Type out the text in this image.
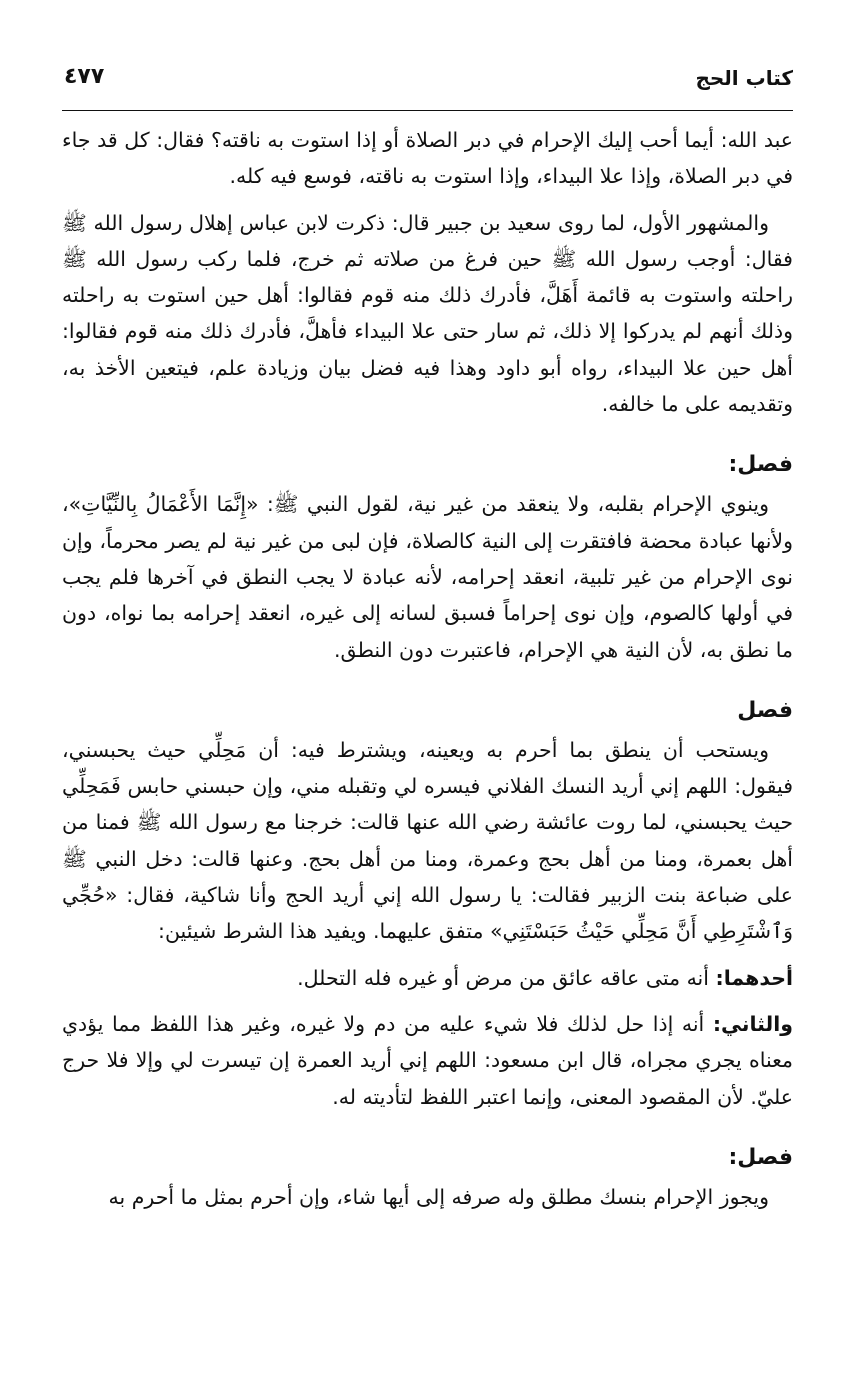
كتاب الحج
٤٧٧

عبد الله: أيما أحب إليك الإحرام في دبر الصلاة أو إذا استوت به ناقته؟ فقال: كل قد جاء في دبر الصلاة، وإذا علا البيداء، وإذا استوت به ناقته، فوسع فيه كله.

والمشهور الأول، لما روى سعيد بن جبير قال: ذكرت لابن عباس إهلال رسول الله ﷺ فقال: أوجب رسول الله ﷺ حين فرغ من صلاته ثم خرج، فلما ركب رسول الله ﷺ راحلته واستوت به قائمة أَهَلَّ، فأدرك ذلك منه قوم فقالوا: أهل حين استوت به راحلته وذلك أنهم لم يدركوا إلا ذلك، ثم سار حتى علا البيداء فأهلَّ، فأدرك ذلك منه قوم فقالوا: أهل حين علا البيداء، رواه أبو داود وهذا فيه فضل بيان وزيادة علم، فيتعين الأخذ به، وتقديمه على ما خالفه.

فصل:

وينوي الإحرام بقلبه، ولا ينعقد من غير نية، لقول النبي ﷺ: «إِنَّمَا الأَعْمَالُ بِالنِّيَّاتِ»، ولأنها عبادة محضة فافتقرت إلى النية كالصلاة، فإن لبى من غير نية لم يصر محرماً، وإن نوى الإحرام من غير تلبية، انعقد إحرامه، لأنه عبادة لا يجب النطق في آخرها فلم يجب في أولها كالصوم، وإن نوى إحراماً فسبق لسانه إلى غيره، انعقد إحرامه بما نواه، دون ما نطق به، لأن النية هي الإحرام، فاعتبرت دون النطق.

فصل

ويستحب أن ينطق بما أحرم به ويعينه، ويشترط فيه: أن مَحِلِّي حيث يحبسني، فيقول: اللهم إني أريد النسك الفلاني فيسره لي وتقبله مني، وإن حبسني حابس فَمَحِلِّي حيث يحبسني، لما روت عائشة رضي الله عنها قالت: خرجنا مع رسول الله ﷺ فمنا من أهل بعمرة، ومنا من أهل بحج وعمرة، ومنا من أهل بحج. وعنها قالت: دخل النبي ﷺ على ضباعة بنت الزبير فقالت: يا رسول الله إني أريد الحج وأنا شاكية، فقال: «حُجِّي وَٱشْتَرِطِي أَنَّ مَحِلِّي حَيْثُ حَبَسْتَنِي» متفق عليهما. ويفيد هذا الشرط شيئين:

أحدهما: أنه متى عاقه عائق من مرض أو غيره فله التحلل.

والثاني: أنه إذا حل لذلك فلا شيء عليه من دم ولا غيره، وغير هذا اللفظ مما يؤدي معناه يجري مجراه، قال ابن مسعود: اللهم إني أريد العمرة إن تيسرت لي وإلا فلا حرج عليّ. لأن المقصود المعنى، وإنما اعتبر اللفظ لتأديته له.

فصل:

ويجوز الإحرام بنسك مطلق وله صرفه إلى أيها شاء، وإن أحرم بمثل ما أحرم به
